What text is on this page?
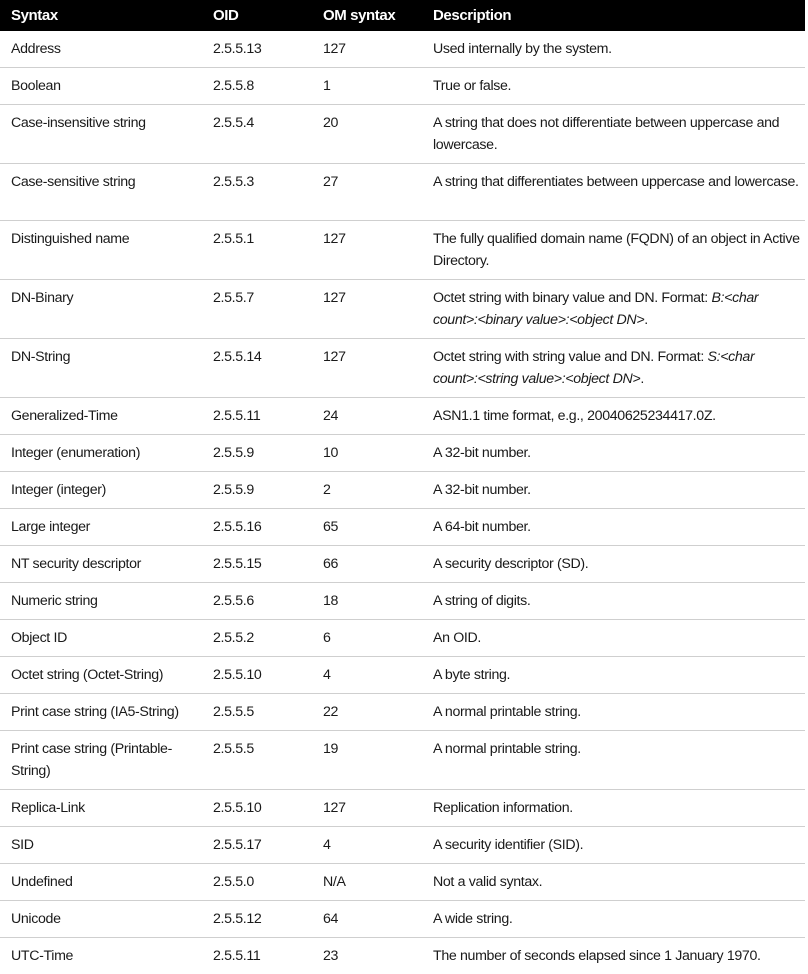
Syntax	OID	OM syntax	Description
Address	2.5.5.13	127	Used internally by the system.
Boolean	2.5.5.8	1	True or false.
Case-insensitive string	2.5.5.4	20	A string that does not differentiate between uppercase and lowercase.
Case-sensitive string	2.5.5.3	27	A string that differentiates between uppercase and lowercase.
Distinguished name	2.5.5.1	127	The fully qualified domain name (FQDN) of an object in Active Directory.
DN-Binary	2.5.5.7	127	Octet string with binary value and DN. Format: B:<char count>:<binary value>:<object DN>.
DN-String	2.5.5.14	127	Octet string with string value and DN. Format: S:<char count>:<string value>:<object DN>.
Generalized-Time	2.5.5.11	24	ASN1.1 time format, e.g., 20040625234417.0Z.
Integer (enumeration)	2.5.5.9	10	A 32-bit number.
Integer (integer)	2.5.5.9	2	A 32-bit number.
Large integer	2.5.5.16	65	A 64-bit number.
NT security descriptor	2.5.5.15	66	A security descriptor (SD).
Numeric string	2.5.5.6	18	A string of digits.
Object ID	2.5.5.2	6	An OID.
Octet string (Octet-String)	2.5.5.10	4	A byte string.
Print case string (IA5-String)	2.5.5.5	22	A normal printable string.
Print case string (Printable-String)	2.5.5.5	19	A normal printable string.
Replica-Link	2.5.5.10	127	Replication information.
SID	2.5.5.17	4	A security identifier (SID).
Undefined	2.5.5.0	N/A	Not a valid syntax.
Unicode	2.5.5.12	64	A wide string.
UTC-Time	2.5.5.11	23	The number of seconds elapsed since 1 January 1970.
